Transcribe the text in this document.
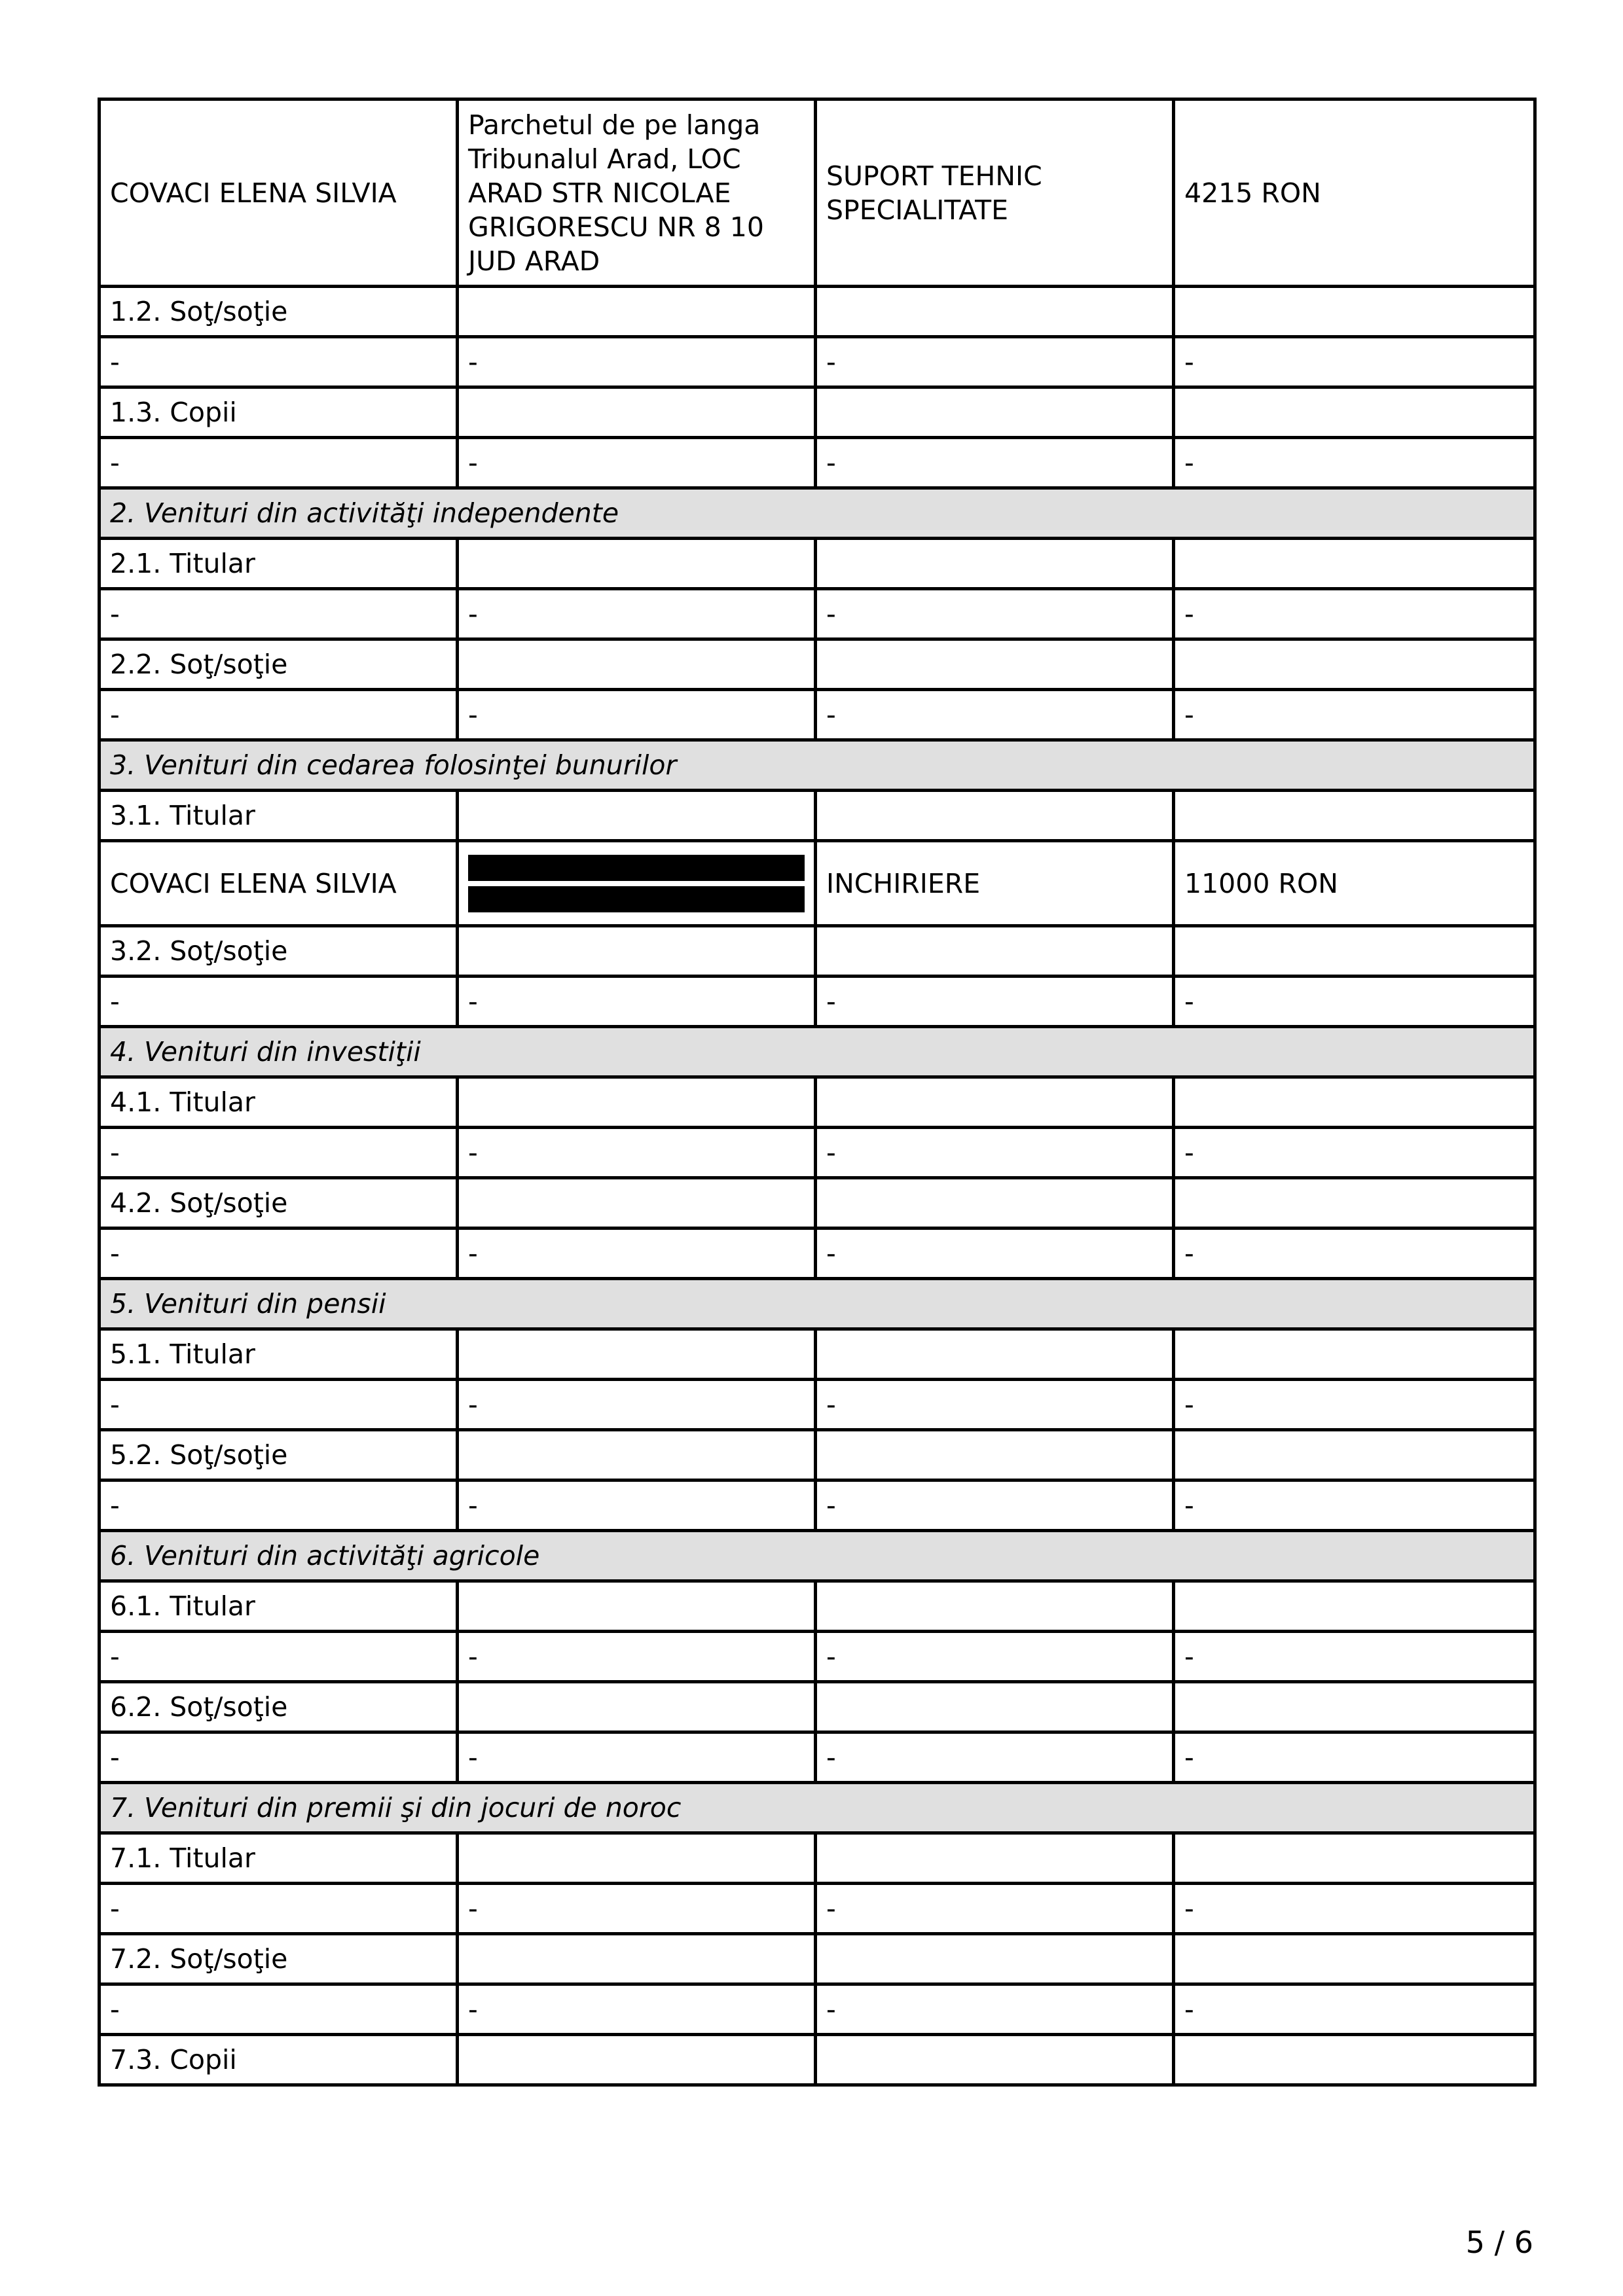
COVACI ELENA SILVIA	Parchetul de pe langa Tribunalul Arad, LOC ARAD STR NICOLAE GRIGORESCU NR 8 10 JUD ARAD	SUPORT TEHNIC SPECIALITATE	4215 RON
1.2. Soţ/soţie			
-	-	-	-
1.3. Copii			
-	-	-	-
2. Venituri din activităţi independente			
2.1. Titular			
-	-	-	-
2.2. Soţ/soţie			
-	-	-	-
3. Venituri din cedarea folosinţei bunurilor			
3.1. Titular			
COVACI ELENA SILVIA		INCHIRIERE	11000 RON
3.2. Soţ/soţie			
-	-	-	-
4. Venituri din investiţii			
4.1. Titular			
-	-	-	-
4.2. Soţ/soţie			
-	-	-	-
5. Venituri din pensii			
5.1. Titular			
-	-	-	-
5.2. Soţ/soţie			
-	-	-	-
6. Venituri din activităţi agricole			
6.1. Titular			
-	-	-	-
6.2. Soţ/soţie			
-	-	-	-
7. Venituri din premii şi din jocuri de noroc			
7.1. Titular			
-	-	-	-
7.2. Soţ/soţie			
-	-	-	-
7.3. Copii			
5 / 6
